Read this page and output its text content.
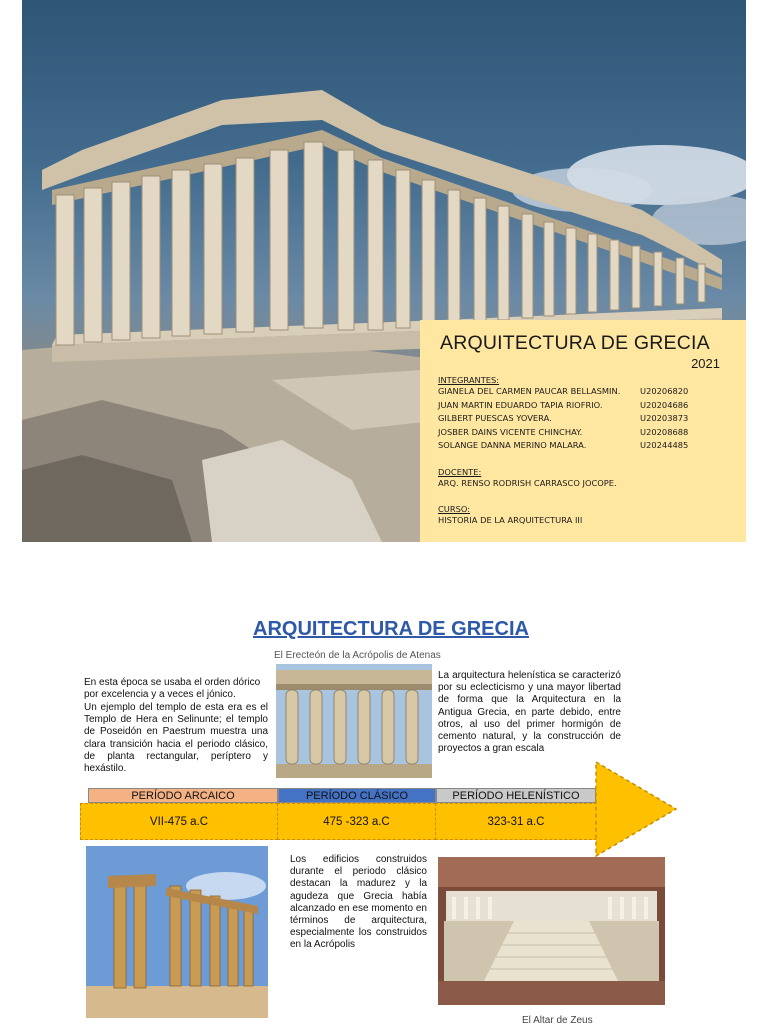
ARQUITECTURA DE GRECIA
2021
INTEGRANTES:
GIANELA DEL CARMEN PAUCAR BELLASMIN. U20206820
JUAN MARTIN EDUARDO TAPIA RIOFRIO.	U20204686
GILBERT PUESCAS YOVERA.	U20203873
JOSBER DAINS VICENTE CHINCHAY.	U20208688
SOLANGE DANNA MERINO MALARA.	U20244485
DOCENTE:
ARQ. RENSO RODRISH CARRASCO JOCOPE.
CURSO:
HISTORIA DE LA ARQUITECTURA III
ARQUITECTURA DE GRECIA
El Erecteón de la Acrópolis de Atenas
En esta época se usaba el orden dórico por excelencia y a veces el jónico.
Un ejemplo del templo de esta era es el Templo de Hera en Selinunte; el templo de Poseidón en Paestrum muestra una clara transición hacia el periodo clásico, de planta rectangular, períptero y hexástilo.
La arquitectura helenística se caracterizó por su eclecticismo y una mayor libertad de forma que la Arquitectura en la Antigua Grecia, en parte debido, entre otros, al uso del primer hormigón de cemento natural, y la construcción de proyectos a gran escala
PERÍODO ARCAICO	PERÍODO CLÁSICO	PERÍODO HELENÍSTICO
VII-475 a.C	475 -323 a.C	323-31 a.C
Los edificios construidos durante el periodo clásico destacan la madurez y la agudeza que Grecia había alcanzado en ese momento en términos de arquitectura, especialmente los construidos en la Acrópolis
El Altar de Zeus
